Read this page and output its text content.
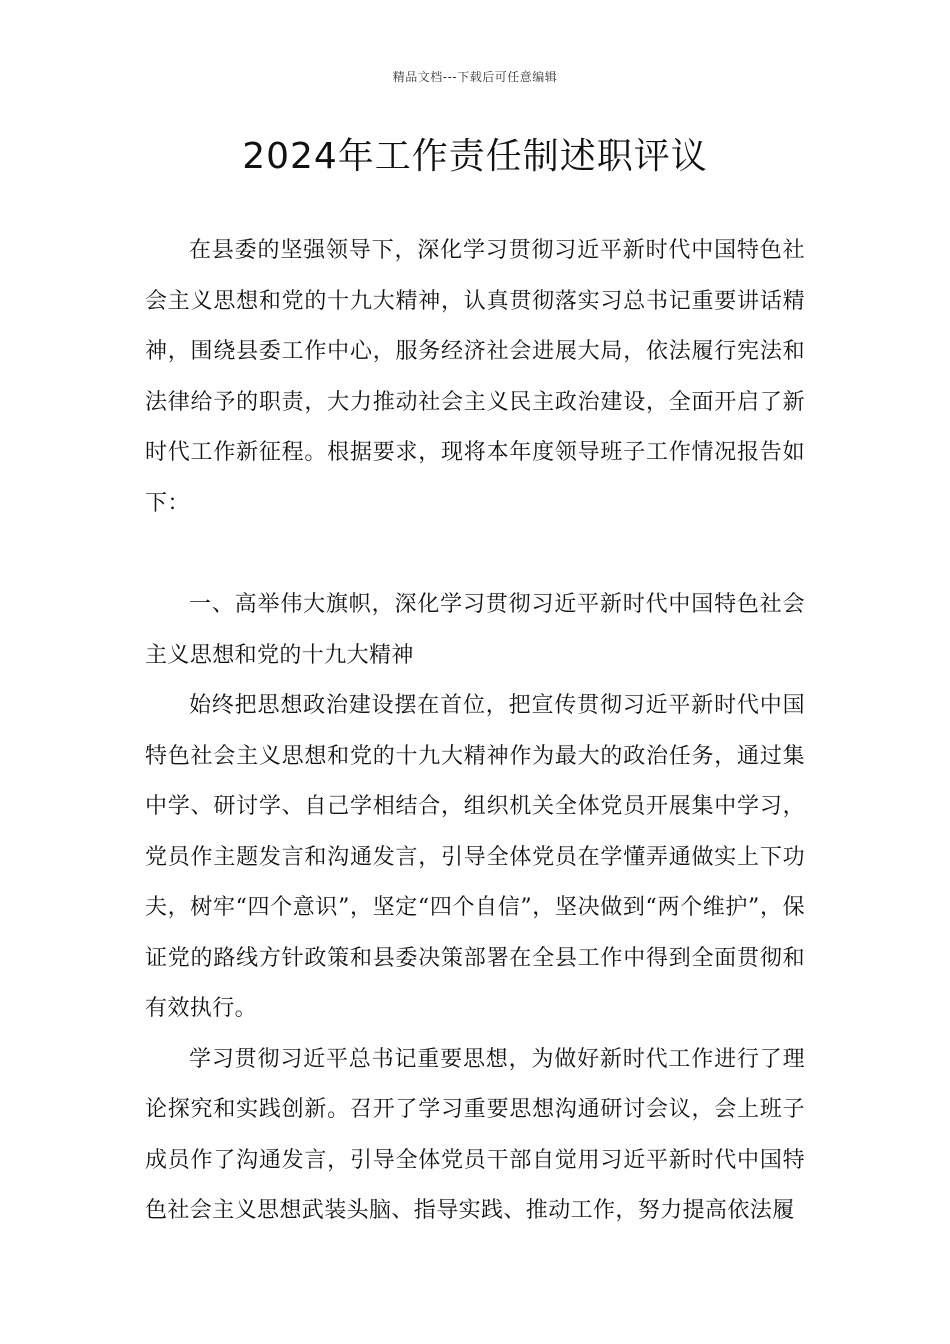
精品文档---下载后可任意编辑
2024年工作责任制述职评议

在县委的坚强领导下，深化学习贯彻习近平新时代中国特色社会主义思想和党的十九大精神，认真贯彻落实习总书记重要讲话精神，围绕县委工作中心，服务经济社会进展大局，依法履行宪法和法律给予的职责，大力推动社会主义民主政治建设，全面开启了新时代工作新征程。根据要求，现将本年度领导班子工作情况报告如下：

一、高举伟大旗帜，深化学习贯彻习近平新时代中国特色社会主义思想和党的十九大精神

始终把思想政治建设摆在首位，把宣传贯彻习近平新时代中国特色社会主义思想和党的十九大精神作为最大的政治任务，通过集中学、研讨学、自己学相结合，组织机关全体党员开展集中学习，党员作主题发言和沟通发言，引导全体党员在学懂弄通做实上下功夫，树牢“四个意识”，坚定“四个自信”，坚决做到“两个维护”，保证党的路线方针政策和县委决策部署在全县工作中得到全面贯彻和有效执行。

学习贯彻习近平总书记重要思想，为做好新时代工作进行了理论探究和实践创新。召开了学习重要思想沟通研讨会议，会上班子成员作了沟通发言，引导全体党员干部自觉用习近平新时代中国特色社会主义思想武装头脑、指导实践、推动工作，努力提高依法履
